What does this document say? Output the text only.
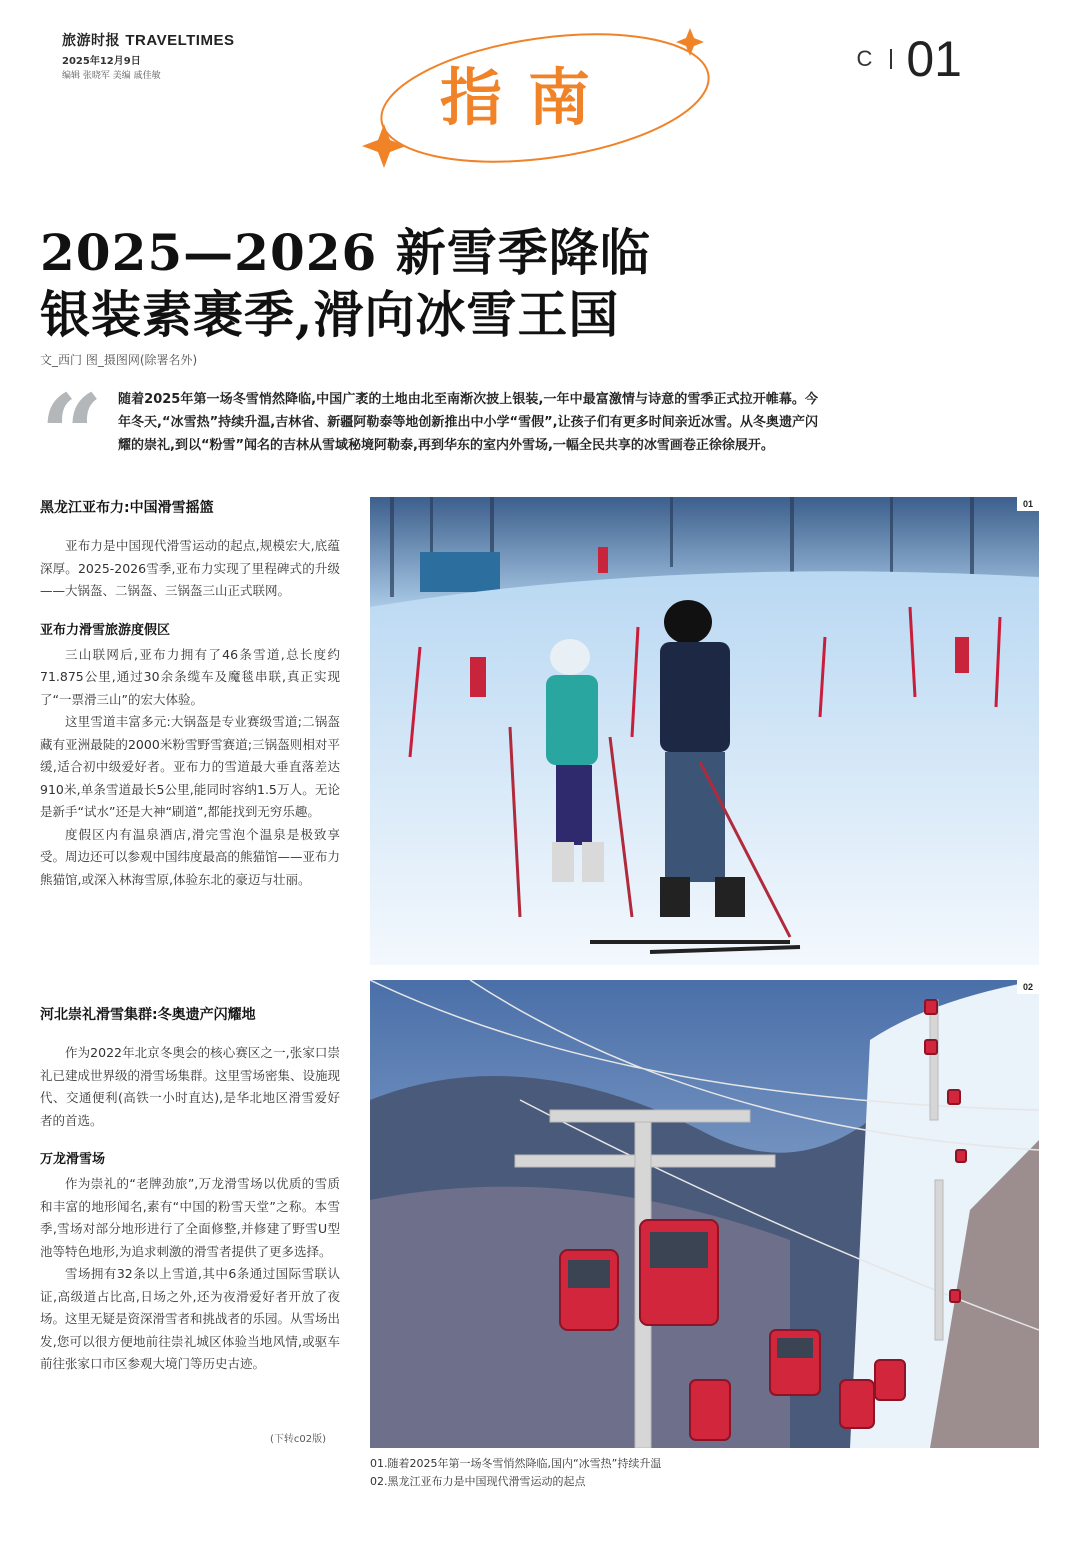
旅游时报 TRAVELTIMES
2025年12月9日
编辑 张晓军 美编 戚佳敏
C 01
指南
2025—2026 新雪季降临
银装素裹季,滑向冰雪王国
文_西门 图_摄图网(除署名外)
“ 随着2025年第一场冬雪悄然降临,中国广袤的土地由北至南渐次披上银装,一年中最富激情与诗意的雪季正式拉开帷幕。今年冬天,“冰雪热”持续升温,吉林省、新疆阿勒泰等地创新推出中小学“雪假”,让孩子们有更多时间亲近冰雪。从冬奥遗产闪耀的崇礼,到以“粉雪”闻名的吉林从雪域秘境阿勒泰,再到华东的室内外雪场,一幅全民共享的冰雪画卷正徐徐展开。
黑龙江亚布力:中国滑雪摇篮

亚布力是中国现代滑雪运动的起点,规模宏大,底蕴深厚。2025-2026雪季,亚布力实现了里程碑式的升级——大锅盔、二锅盔、三锅盔三山正式联网。

亚布力滑雪旅游度假区

三山联网后,亚布力拥有了46条雪道,总长度约71.875公里,通过30余条缆车及魔毯串联,真正实现了“一票滑三山”的宏大体验。

这里雪道丰富多元:大锅盔是专业赛级雪道;二锅盔藏有亚洲最陡的2000米粉雪野雪赛道;三锅盔则相对平缓,适合初中级爱好者。亚布力的雪道最大垂直落差达910米,单条雪道最长5公里,能同时容纳1.5万人。无论是新手“试水”还是大神“刷道”,都能找到无穷乐趣。

度假区内有温泉酒店,滑完雪泡个温泉是极致享受。周边还可以参观中国纬度最高的熊猫馆——亚布力熊猫馆,或深入林海雪原,体验东北的豪迈与壮丽。

河北崇礼滑雪集群:冬奥遗产闪耀地

作为2022年北京冬奥会的核心赛区之一,张家口崇礼已建成世界级的滑雪场集群。这里雪场密集、设施现代、交通便利(高铁一小时直达),是华北地区滑雪爱好者的首选。

万龙滑雪场

作为崇礼的“老牌劲旅”,万龙滑雪场以优质的雪质和丰富的地形闻名,素有“中国的粉雪天堂”之称。本雪季,雪场对部分地形进行了全面修整,并修建了野雪U型池等特色地形,为追求刺激的滑雪者提供了更多选择。

雪场拥有32条以上雪道,其中6条通过国际雪联认证,高级道占比高,日场之外,还为夜滑爱好者开放了夜场。这里无疑是资深滑雪者和挑战者的乐园。从雪场出发,您可以很方便地前往崇礼城区体验当地风情,或驱车前往张家口市区参观大境门等历史古迹。

(下转c02版)
01
02
01.随着2025年第一场冬雪悄然降临,国内“冰雪热”持续升温
02.黑龙江亚布力是中国现代滑雪运动的起点
